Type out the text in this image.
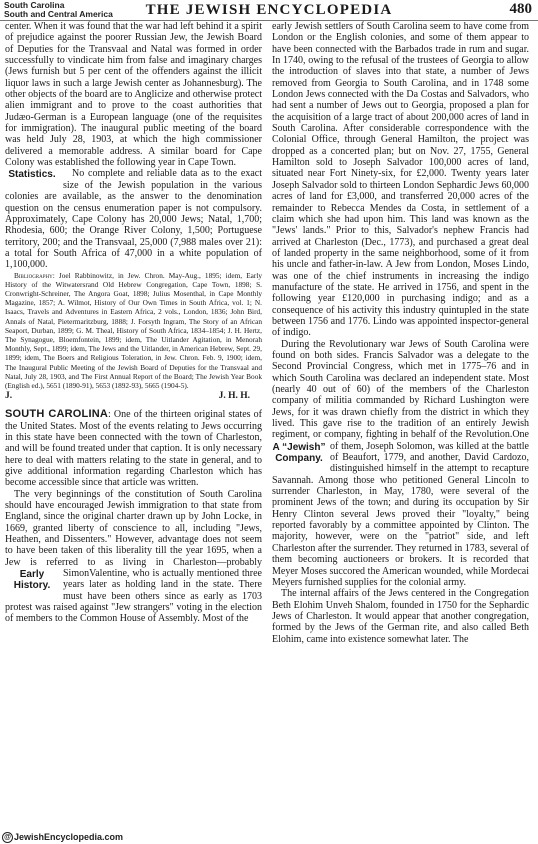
South Carolina
South and Central America	THE JEWISH ENCYCLOPEDIA	480

center. When it was found that the war had left behind it a spirit of prejudice against the poorer Russian Jew, the Jewish Board of Deputies for the Transvaal and Natal was formed in order successfully to vindicate him from false and imaginary charges (Jews furnish but 5 per cent of the offenders against the illicit liquor laws in such a large Jewish center as Johannesburg). The other objects of the board are to Anglicize and otherwise protect alien immigrant and to prove to the coast authorities that Judæo-German is a European language (one of the requisites for immigration). The inaugural public meeting of the board was held July 28, 1903, at which the high commissioner delivered a memorable address. A similar board for Cape Colony was established the following year in Cape Town.

Statistics.	No complete and reliable data as to the exact size of the Jewish population in the various colonies are available, as the answer to the denomination question on the census enumeration paper is not compulsory. Approximately, Cape Colony has 20,000 Jews; Natal, 1,700; Rhodesia, 600; the Orange River Colony, 1,500; Portuguese territory, 200; and the Transvaal, 25,000 (7,988 males over 21): a total for South Africa of 47,000 in a white population of 1,100,000.

Bibliography: Joel Rabbinowitz, in Jew. Chron. May-Aug., 1895; idem, Early History of the Witwatersrand Old Hebrew Congregation, Cape Town, 1898; S. Cronwright-Schreiner, The Angora Goat, 1898; Julius Mosenthal, in Cape Monthly Magazine, 1857; A. Wilmot, History of Our Own Times in South Africa, vol. 1; N. Isaacs, Travels and Adventures in Eastern Africa, 2 vols., London, 1836; John Bird, Annals of Natal, Pietermaritzburg, 1888; J. Forsyth Ingram, The Story of an African Seaport, Durban, 1899; G. M. Theal, History of South Africa, 1834–1854; J. H. Hertz, The Synagogue, Bloemfontein, 1899; idem, The Uitlander Agitation, in Menorah Monthly, Sept., 1899; idem, The Jews and the Uitlander, in American Hebrew, Sept. 29, 1899; idem, The Boers and Religious Toleration, in Jew. Chron. Feb. 9, 1900; idem, The Inaugural Public Meeting of the Jewish Board of Deputies for the Transvaal and Natal, July 28, 1903, and The First Annual Report of the Board; The Jewish Year Book (English ed.), 5651 (1890-91), 5653 (1892-93), 5665 (1904-5).

J.	J. H. H.

SOUTH CAROLINA: One of the thirteen original states of the United States. Most of the events relating to Jews occurring in this state have been connected with the town of Charleston, and will be found treated under that caption. It is only necessary here to deal with matters relating to the state in general, and to give additional information regarding Charleston which has become accessible since that article was written.

The very beginnings of the constitution of South Carolina should have encouraged Jewish immigration to that state from England, since the original charter drawn up by John Locke, in 1669, granted liberty of conscience to all, including "Jews, Heathen, and Dissenters." However, advantage does not seem to have been taken of this liberality till the year 1695, when a Jew is referred to as living in Charleston—probably Simon
Early History.
Valentine, who is actually mentioned three years later as holding land in the state. There must have been others since as early as 1703 protest was raised against "Jew strangers" voting in the election of members to the Common House of Assembly. Most of the

early Jewish settlers of South Carolina seem to have come from London or the English colonies, and some of them appear to have been connected with the Barbados trade in rum and sugar. In 1740, owing to the refusal of the trustees of Georgia to allow the introduction of slaves into that state, a number of Jews removed from Georgia to South Carolina, and in 1748 some London Jews connected with the Da Costas and Salvadors, who had sent a number of Jews out to Georgia, proposed a plan for the acquisition of a large tract of about 200,000 acres of land in South Carolina. After considerable correspondence with the Colonial Office, through General Hamilton, the project was dropped as a concerted plan; but on Nov. 27, 1755, General Hamilton sold to Joseph Salvador 100,000 acres of land, situated near Fort Ninety-six, for £2,000. Twenty years later Joseph Salvador sold to thirteen London Sephardic Jews 60,000 acres of land for £3,000, and transferred 20,000 acres of the remainder to Rebecca Mendes da Costa, in settlement of a claim which she had upon him. This land was known as the "Jews' lands." Prior to this, Salvador's nephew Francis had arrived at Charleston (Dec., 1773), and purchased a great deal of landed property in the same neighborhood, some of it from his uncle and father-in-law. A Jew from London, Moses Lindo, was one of the chief instruments in increasing the indigo manufacture of the state. He arrived in 1756, and spent in the following year £120,000 in purchasing indigo; and as a consequence of his activity this industry quintupled in the state between 1756 and 1776. Lindo was appointed inspector-general of indigo.

During the Revolutionary war Jews of South Carolina were found on both sides. Francis Salvador was a delegate to the Second Provincial Congress, which met in 1775–76 and in which South Carolina was declared an independent state. Most (nearly 40 out of 60) of the members of the Charleston company of militia commanded by Richard Lushington were Jews, for it was drawn chiefly from the district in which they lived. This gave rise to the tradition of an entirely Jewish regiment, or company, fighting in behalf of the Revolution.
A “Jewish” Company.
One of them, Joseph Solomon, was killed at the battle of Beaufort, 1779, and another, David Cardozo, distinguished himself in the attempt to recapture Savannah. Among those who petitioned General Lincoln to surrender Charleston, in May, 1780, were several of the prominent Jews of the town; and during its occupation by Sir Henry Clinton several Jews proved their "loyalty," being reported favorably by a committee appointed by Clinton. The majority, however, were on the "patriot" side, and left Charleston after the surrender. They returned in 1783, several of them becoming auctioneers or brokers. It is recorded that Meyer Moses succored the American wounded, while Mordecai Meyers furnished supplies for the colonial army.

The internal affairs of the Jews centered in the Congregation Beth Elohim Unveh Shalom, founded in 1750 for the Sephardic Jews of Charleston. It would appear that another congregation, formed by the Jews of the German rite, and also called Beth Elohim, came into existence somewhat later. The

@ JewishEncyclopedia.com
